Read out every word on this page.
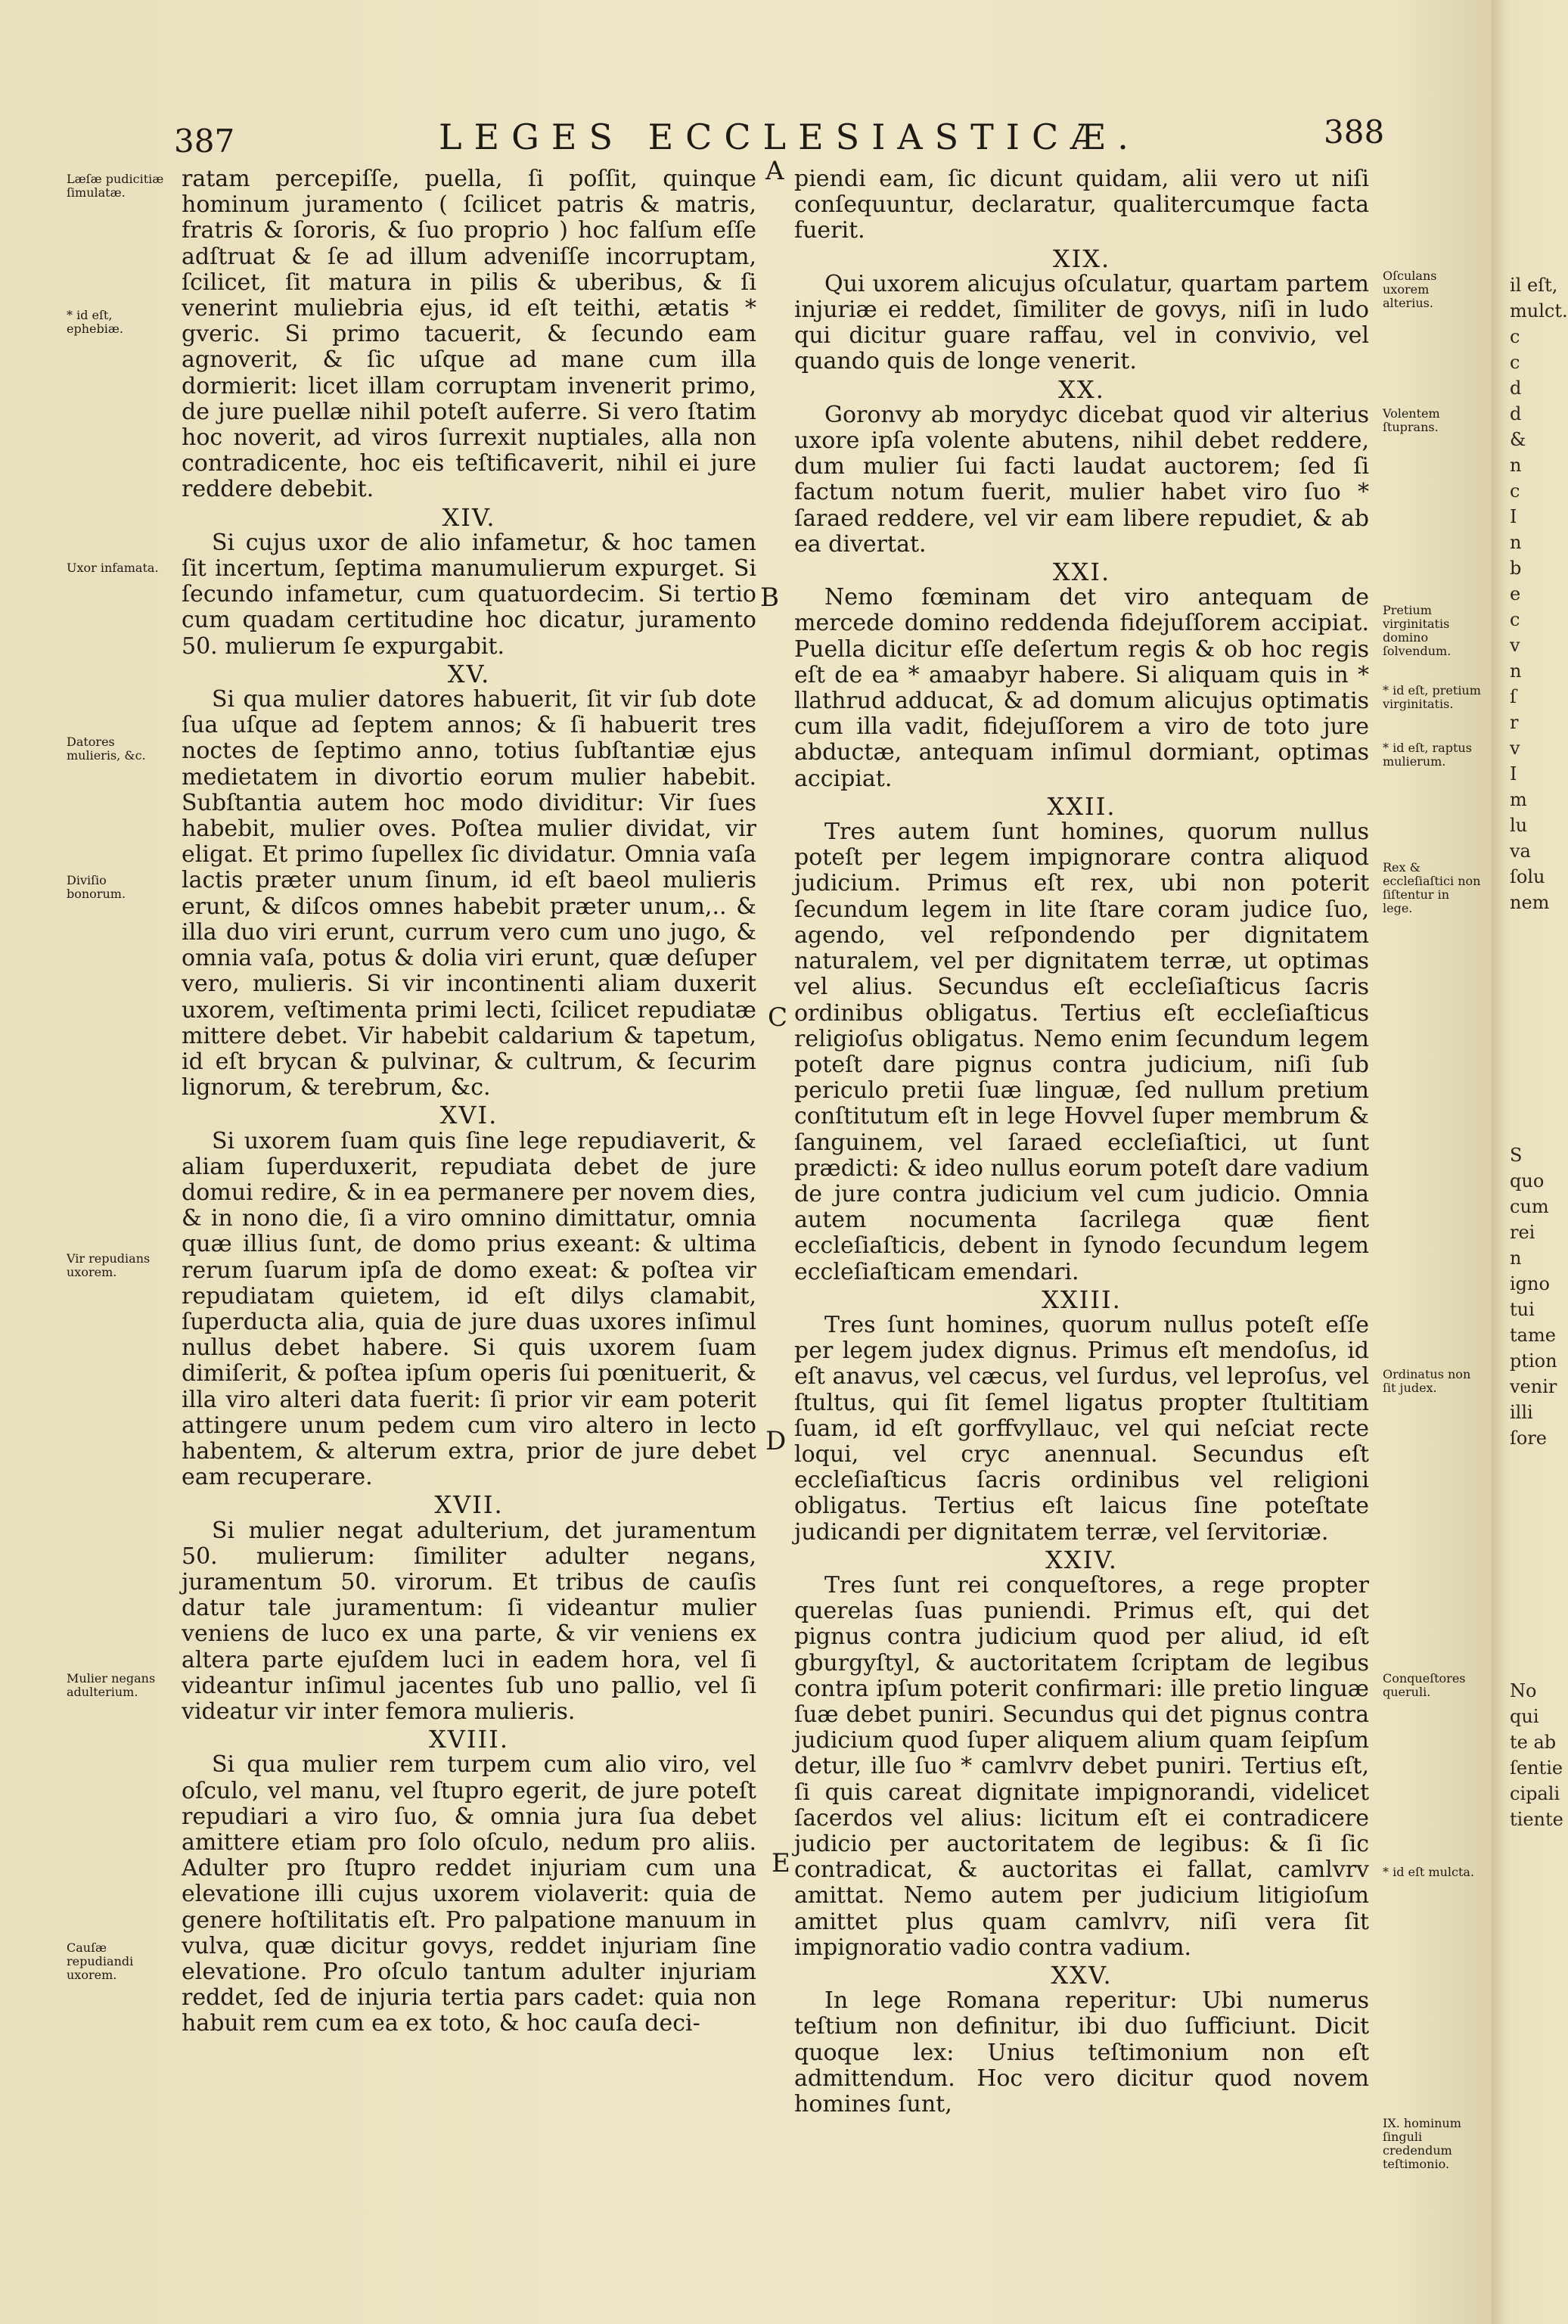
387	LEGES ECCLESIASTICÆ.	388

ratam percepiſſe, puella, ſi poſſit, quinque hominum juramento ( ſcilicet patris & matris, fratris & ſororis, & ſuo proprio ) hoc falſum eſſe adſtruat & ſe ad illum adveniſſe incorruptam, ſcilicet, ſit matura in pilis & uberibus, & ſi venerint muliebria ejus, id eſt teithi, ætatis * gveric. Si primo tacuerit, & ſecundo eam agnoverit, & ſic uſque ad mane cum illa dormierit: licet illam corruptam invenerit primo, de jure puellæ nihil poteſt auferre. Si vero ſtatim hoc noverit, ad viros ſurrexit nuptiales, alla non contradicente, hoc eis teſtificaverit, nihil ei jure reddere debebit.

XIV.

Si cujus uxor de alio infametur, & hoc tamen ſit incertum, ſeptima manumulierum expurget. Si ſecundo infametur, cum quatuordecim. Si tertio cum quadam certitudine hoc dicatur, juramento 50. mulierum ſe expurgabit.

XV.

Si qua mulier datores habuerit, ſit vir ſub dote ſua uſque ad ſeptem annos; & ſi habuerit tres noctes de ſeptimo anno, totius ſubſtantiæ ejus medietatem in divortio eorum mulier habebit. Subſtantia autem hoc modo dividitur: Vir ſues habebit, mulier oves. Poſtea mulier dividat, vir eligat. Et primo ſupellex ſic dividatur. Omnia vaſa lactis præter unum ſinum, id eſt baeol mulieris erunt, & diſcos omnes habebit præter unum,.. & illa duo viri erunt, currum vero cum uno jugo, & omnia vaſa, potus & dolia viri erunt, quæ deſuper vero, mulieris. Si vir incontinenti aliam duxerit uxorem, veſtimenta primi lecti, ſcilicet repudiatæ mittere debet. Vir habebit caldarium & tapetum, id eſt brycan & pulvinar, & cultrum, & ſecurim lignorum, & terebrum, &c.

XVI.

Si uxorem ſuam quis ſine lege repudiaverit, & aliam ſuperduxerit, repudiata debet de jure domui redire, & in ea permanere per novem dies, & in nono die, ſi a viro omnino dimittatur, omnia quæ illius ſunt, de domo prius exeant: & ultima rerum ſuarum ipſa de domo exeat: & poſtea vir repudiatam quietem, id eſt dilys clamabit, ſuperducta alia, quia de jure duas uxores inſimul nullus debet habere. Si quis uxorem ſuam dimiſerit, & poſtea ipſum operis ſui pœnituerit, & illa viro alteri data fuerit: ſi prior vir eam poterit attingere unum pedem cum viro altero in lecto habentem, & alterum extra, prior de jure debet eam recuperare.

XVII.

Si mulier negat adulterium, det juramentum 50. mulierum: ſimiliter adulter negans, juramentum 50. virorum. Et tribus de cauſis datur tale juramentum: ſi videantur mulier veniens de luco ex una parte, & vir veniens ex altera parte ejuſdem luci in eadem hora, vel ſi videantur inſimul jacentes ſub uno pallio, vel ſi videatur vir inter femora mulieris.

XVIII.

Si qua mulier rem turpem cum alio viro, vel oſculo, vel manu, vel ſtupro egerit, de jure poteſt repudiari a viro ſuo, & omnia jura ſua debet amittere etiam pro ſolo oſculo, nedum pro aliis. Adulter pro ſtupro reddet injuriam cum una elevatione illi cujus uxorem violaverit: quia de genere hoſtilitatis eſt. Pro palpatione manuum in vulva, quæ dicitur govys, reddet injuriam ſine elevatione. Pro oſculo tantum adulter injuriam reddet, ſed de injuria tertia pars cadet: quia non habuit rem cum ea ex toto, & hoc cauſa deci-

piendi eam, ſic dicunt quidam, alii vero ut niſi conſequuntur, declaratur, qualitercumque facta fuerit.

XIX.

Qui uxorem alicujus oſculatur, quartam partem injuriæ ei reddet, ſimiliter de govys, niſi in ludo qui dicitur guare raffau, vel in convivio, vel quando quis de longe venerit.

XX.

Goronvy ab morydyc dicebat quod vir alterius uxore ipſa volente abutens, nihil debet reddere, dum mulier ſui facti laudat auctorem; ſed ſi factum notum fuerit, mulier habet viro ſuo * ſaraed reddere, vel vir eam libere repudiet, & ab ea divertat.

XXI.

Nemo fœminam det viro antequam de mercede domino reddenda fidejuſſorem accipiat. Puella dicitur eſſe deſertum regis & ob hoc regis eſt de ea * amaabyr habere. Si aliquam quis in * llathrud adducat, & ad domum alicujus optimatis cum illa vadit, fidejuſſorem a viro de toto jure abductæ, antequam inſimul dormiant, optimas accipiat.

XXII.

Tres autem ſunt homines, quorum nullus poteſt per legem impignorare contra aliquod judicium. Primus eſt rex, ubi non poterit ſecundum legem in lite ſtare coram judice ſuo, agendo, vel reſpondendo per dignitatem naturalem, vel per dignitatem terræ, ut optimas vel alius. Secundus eſt eccleſiaſticus ſacris ordinibus obligatus. Tertius eſt eccleſiaſticus religioſus obligatus. Nemo enim ſecundum legem poteſt dare pignus contra judicium, niſi ſub periculo pretii ſuæ linguæ, ſed nullum pretium conſtitutum eſt in lege Hovvel ſuper membrum & ſanguinem, vel ſaraed eccleſiaſtici, ut ſunt prædicti: & ideo nullus eorum poteſt dare vadium de jure contra judicium vel cum judicio. Omnia autem nocumenta ſacrilega quæ fient eccleſiaſticis, debent in ſynodo ſecundum legem eccleſiaſticam emendari.

XXIII.

Tres ſunt homines, quorum nullus poteſt eſſe per legem judex dignus. Primus eſt mendoſus, id eſt anavus, vel cæcus, vel ſurdus, vel leproſus, vel ſtultus, qui ſit ſemel ligatus propter ſtultitiam ſuam, id eſt gorffvyllauc, vel qui neſciat recte loqui, vel cryc anennual. Secundus eſt eccleſiaſticus ſacris ordinibus vel religioni obligatus. Tertius eſt laicus ſine poteſtate judicandi per dignitatem terræ, vel ſervitoriæ.

XXIV.

Tres ſunt rei conqueſtores, a rege propter querelas ſuas puniendi. Primus eſt, qui det pignus contra judicium quod per aliud, id eſt gburgyſtyl, & auctoritatem ſcriptam de legibus contra ipſum poterit confirmari: ille pretio linguæ ſuæ debet puniri. Secundus qui det pignus contra judicium quod ſuper aliquem alium quam ſeipſum detur, ille ſuo * camlvrv debet puniri. Tertius eſt, ſi quis careat dignitate impignorandi, videlicet ſacerdos vel alius: licitum eſt ei contradicere judicio per auctoritatem de legibus: & ſi ſic contradicat, & auctoritas ei fallat, camlvrv amittat. Nemo autem per judicium litigioſum amittet plus quam camlvrv, niſi vera ſit impignoratio vadio contra vadium.

XXV.

In lege Romana reperitur: Ubi numerus teſtium non definitur, ibi duo ſufficiunt. Dicit quoque lex: Unius teſtimonium non eſt admittendum. Hoc vero dicitur quod novem homines ſunt,

A
B
C
D
E
Læſæ pudicitiæ ſimulatæ.
* id eſt, ephebiæ.
Uxor infamata.
Datores mulieris, &c.
Diviſio bonorum.
Vir repudians uxorem.
Mulier negans adulterium.
Cauſæ repudiandi uxorem.
Oſculans uxorem alterius.
Volentem ſtuprans.
Pretium virginitatis domino ſolvendum.
* id eſt, pretium virginitatis.
* id eſt, raptus mulierum.
Rex & eccleſiaſtici non ſiſtentur in lege.
Ordinatus non ſit judex.
Conqueſtores queruli.
* id eſt mulcta.
IX. hominum ſinguli credendum teſtimonio.
il eſt,
mulct.
c
c
d
d
&
n
c
I
n
b
e
c
v
n
ſ
r
v
I
m
lu
va
ſolu
nem
S
quo
cum
rei
n
igno
tui
tame
ption
venir
illi
ſore
No
qui
te ab
ſentie
cipali
tiente
